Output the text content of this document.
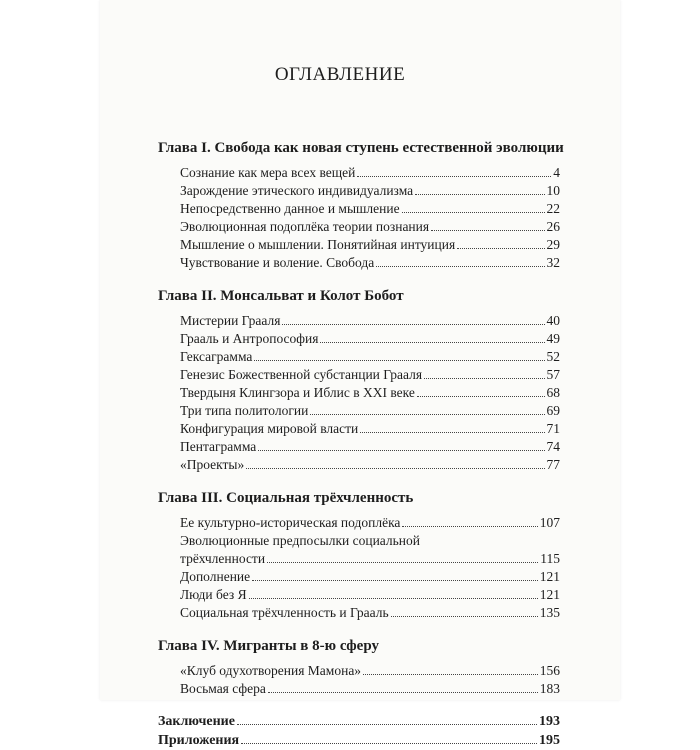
ОГЛАВЛЕНИЕ
Глава I. Свобода как новая ступень естественной эволюции
Сознание как мера всех вещей	4
Зарождение этического индивидуализма	10
Непосредственно данное и мышление	22
Эволюционная подоплёка теории познания	26
Мышление о мышлении. Понятийная интуиция	29
Чувствование и воление. Свобода	32
Глава II. Монсальват и Колот Бобот
Мистерии Грааля	40
Грааль и Антропософия	49
Гексаграмма	52
Генезис Божественной субстанции Грааля	57
Твердыня Клингзора и Иблис в XXI веке	68
Три типа политологии	69
Конфигурация мировой власти	71
Пентаграмма	74
«Проекты»	77
Глава III. Социальная трёхчленность
Ее культурно-историческая подоплёка	107
Эволюционные предпосылки социальной
трёхчленности	115
Дополнение	121
Люди без Я	121
Социальная трёхчленность и Грааль	135
Глава IV. Мигранты в 8-ю сферу
«Клуб одухотворения Мамона»	156
Восьмая сфера	183
Заключение	193
Приложения	195
